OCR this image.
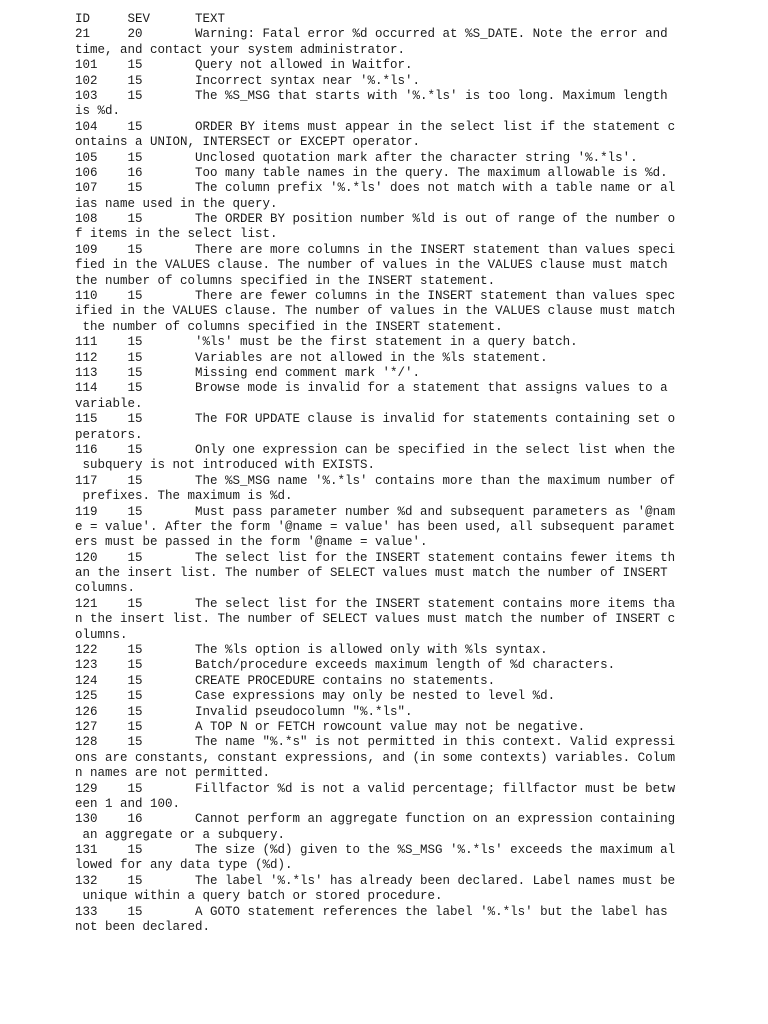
ID     SEV      TEXT
21     20       Warning: Fatal error %d occurred at %S_DATE. Note the error and
time, and contact your system administrator.
101    15       Query not allowed in Waitfor.
102    15       Incorrect syntax near '%.*ls'.
103    15       The %S_MSG that starts with '%.*ls' is too long. Maximum length
is %d.
104    15       ORDER BY items must appear in the select list if the statement c
ontains a UNION, INTERSECT or EXCEPT operator.
105    15       Unclosed quotation mark after the character string '%.*ls'.
106    16       Too many table names in the query. The maximum allowable is %d.
107    15       The column prefix '%.*ls' does not match with a table name or al
ias name used in the query.
108    15       The ORDER BY position number %ld is out of range of the number o
f items in the select list.
109    15       There are more columns in the INSERT statement than values speci
fied in the VALUES clause. The number of values in the VALUES clause must match
the number of columns specified in the INSERT statement.
110    15       There are fewer columns in the INSERT statement than values spec
ified in the VALUES clause. The number of values in the VALUES clause must match
the number of columns specified in the INSERT statement.
111    15       '%ls' must be the first statement in a query batch.
112    15       Variables are not allowed in the %ls statement.
113    15       Missing end comment mark '*/'.
114    15       Browse mode is invalid for a statement that assigns values to a
variable.
115    15       The FOR UPDATE clause is invalid for statements containing set o
perators.
116    15       Only one expression can be specified in the select list when the
subquery is not introduced with EXISTS.
117    15       The %S_MSG name '%.*ls' contains more than the maximum number of
prefixes. The maximum is %d.
119    15       Must pass parameter number %d and subsequent parameters as '@nam
e = value'. After the form '@name = value' has been used, all subsequent paramet
ers must be passed in the form '@name = value'.
120    15       The select list for the INSERT statement contains fewer items th
an the insert list. The number of SELECT values must match the number of INSERT
columns.
121    15       The select list for the INSERT statement contains more items tha
n the insert list. The number of SELECT values must match the number of INSERT c
olumns.
122    15       The %ls option is allowed only with %ls syntax.
123    15       Batch/procedure exceeds maximum length of %d characters.
124    15       CREATE PROCEDURE contains no statements.
125    15       Case expressions may only be nested to level %d.
126    15       Invalid pseudocolumn "%.*ls".
127    15       A TOP N or FETCH rowcount value may not be negative.
128    15       The name "%.*s" is not permitted in this context. Valid expressi
ons are constants, constant expressions, and (in some contexts) variables. Colum
n names are not permitted.
129    15       Fillfactor %d is not a valid percentage; fillfactor must be betw
een 1 and 100.
130    16       Cannot perform an aggregate function on an expression containing
an aggregate or a subquery.
131    15       The size (%d) given to the %S_MSG '%.*ls' exceeds the maximum al
lowed for any data type (%d).
132    15       The label '%.*ls' has already been declared. Label names must be
unique within a query batch or stored procedure.
133    15       A GOTO statement references the label '%.*ls' but the label has
not been declared.
